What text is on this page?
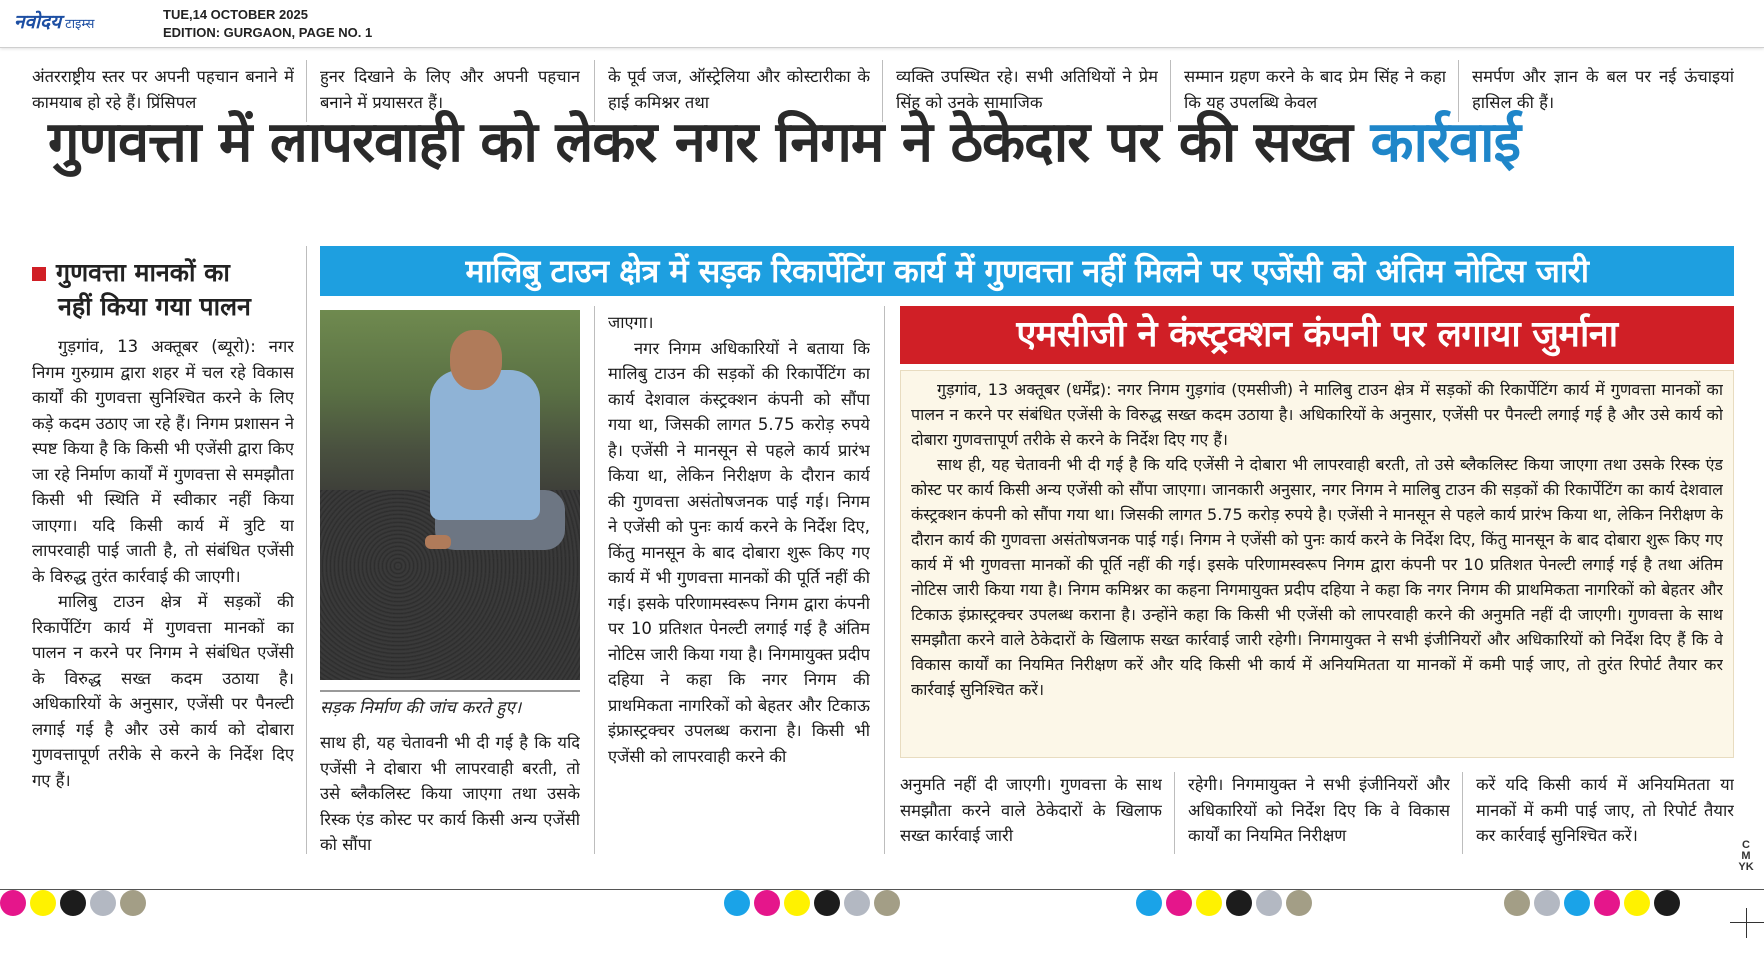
नवोदय टाइम्स
TUE,14 OCTOBER 2025
EDITION: GURGAON, PAGE NO. 1
अंतरराष्ट्रीय स्तर पर अपनी पहचान बनाने में कामयाब हो रहे हैं। प्रिंसिपल
हुनर दिखाने के लिए और अपनी पहचान बनाने में प्रयासरत हैं।
के पूर्व जज, ऑस्ट्रेलिया और कोस्टारीका के हाई कमिश्नर तथा
व्यक्ति उपस्थित रहे। सभी अतिथियों ने प्रेम सिंह को उनके सामाजिक
सम्मान ग्रहण करने के बाद प्रेम सिंह ने कहा कि यह उपलब्धि केवल
समर्पण और ज्ञान के बल पर नई ऊंचाइयां हासिल की हैं।
गुणवत्ता में लापरवाही को लेकर नगर निगम ने ठेकेदार पर की सख्त कार्रवाई
मालिबु टाउन क्षेत्र में सड़क रिकार्पेटिंग कार्य में गुणवत्ता नहीं मिलने पर एजेंसी को अंतिम नोटिस जारी
गुणवत्ता मानकों का
नहीं किया गया पालन

गुड़गांव, 13 अक्तूबर (ब्यूरो): नगर निगम गुरुग्राम द्वारा शहर में चल रहे विकास कार्यों की गुणवत्ता सुनिश्चित करने के लिए कड़े कदम उठाए जा रहे हैं। निगम प्रशासन ने स्पष्ट किया है कि किसी भी एजेंसी द्वारा किए जा रहे निर्माण कार्यों में गुणवत्ता से समझौता किसी भी स्थिति में स्वीकार नहीं किया जाएगा। यदि किसी कार्य में त्रुटि या लापरवाही पाई जाती है, तो संबंधित एजेंसी के विरुद्ध तुरंत कार्रवाई की जाएगी।

मालिबु टाउन क्षेत्र में सड़कों की रिकार्पेटिंग कार्य में गुणवत्ता मानकों का पालन न करने पर निगम ने संबंधित एजेंसी के विरुद्ध सख्त कदम उठाया है। अधिकारियों के अनुसार, एजेंसी पर पैनल्टी लगाई गई है और उसे कार्य को दोबारा गुणवत्तापूर्ण तरीके से करने के निर्देश दिए गए हैं।

सड़क निर्माण की जांच करते हुए।

साथ ही, यह चेतावनी भी दी गई है कि यदि एजेंसी ने दोबारा भी लापरवाही बरती, तो उसे ब्लैकलिस्ट किया जाएगा तथा उसके रिस्क एंड कोस्ट पर कार्य किसी अन्य एजेंसी को सौंपा

जाएगा।

नगर निगम अधिकारियों ने बताया कि मालिबु टाउन की सड़कों की रिकार्पेटिंग का कार्य देशवाल कंस्ट्रक्शन कंपनी को सौंपा गया था, जिसकी लागत 5.75 करोड़ रुपये है। एजेंसी ने मानसून से पहले कार्य प्रारंभ किया था, लेकिन निरीक्षण के दौरान कार्य की गुणवत्ता असंतोषजनक पाई गई। निगम ने एजेंसी को पुनः कार्य करने के निर्देश दिए, किंतु मानसून के बाद दोबारा शुरू किए गए कार्य में भी गुणवत्ता मानकों की पूर्ति नहीं की गई। इसके परिणामस्वरूप निगम द्वारा कंपनी पर 10 प्रतिशत पेनल्टी लगाई गई है अंतिम नोटिस जारी किया गया है। निगमायुक्त प्रदीप दहिया ने कहा कि नगर निगम की प्राथमिकता नागरिकों को बेहतर और टिकाऊ इंफ्रास्ट्रक्चर उपलब्ध कराना है। किसी भी एजेंसी को लापरवाही करने की

एमसीजी ने कंस्ट्रक्शन कंपनी पर लगाया जुर्माना

गुड़गांव, 13 अक्तूबर (धर्मेंद्र): नगर निगम गुड़गांव (एमसीजी) ने मालिबु टाउन क्षेत्र में सड़कों की रिकार्पेटिंग कार्य में गुणवत्ता मानकों का पालन न करने पर संबंधित एजेंसी के विरुद्ध सख्त कदम उठाया है। अधिकारियों के अनुसार, एजेंसी पर पैनल्टी लगाई गई है और उसे कार्य को दोबारा गुणवत्तापूर्ण तरीके से करने के निर्देश दिए गए हैं।

साथ ही, यह चेतावनी भी दी गई है कि यदि एजेंसी ने दोबारा भी लापरवाही बरती, तो उसे ब्लैकलिस्ट किया जाएगा तथा उसके रिस्क एंड कोस्ट पर कार्य किसी अन्य एजेंसी को सौंपा जाएगा। जानकारी अनुसार, नगर निगम ने मालिबु टाउन की सड़कों की रिकार्पेटिंग का कार्य देशवाल कंस्ट्रक्शन कंपनी को सौंपा गया था। जिसकी लागत 5.75 करोड़ रुपये है। एजेंसी ने मानसून से पहले कार्य प्रारंभ किया था, लेकिन निरीक्षण के दौरान कार्य की गुणवत्ता असंतोषजनक पाई गई। निगम ने एजेंसी को पुनः कार्य करने के निर्देश दिए, किंतु मानसून के बाद दोबारा शुरू किए गए कार्य में भी गुणवत्ता मानकों की पूर्ति नहीं की गई। इसके परिणामस्वरूप निगम द्वारा कंपनी पर 10 प्रतिशत पेनल्टी लगाई गई है तथा अंतिम नोटिस जारी किया गया है। निगम कमिश्नर का कहना निगमायुक्त प्रदीप दहिया ने कहा कि नगर निगम की प्राथमिकता नागरिकों को बेहतर और टिकाऊ इंफ्रास्ट्रक्चर उपलब्ध कराना है। उन्होंने कहा कि किसी भी एजेंसी को लापरवाही करने की अनुमति नहीं दी जाएगी। गुणवत्ता के साथ समझौता करने वाले ठेकेदारों के खिलाफ सख्त कार्रवाई जारी रहेगी। निगमायुक्त ने सभी इंजीनियरों और अधिकारियों को निर्देश दिए हैं कि वे विकास कार्यों का नियमित निरीक्षण करें और यदि किसी भी कार्य में अनियमितता या मानकों में कमी पाई जाए, तो तुरंत रिपोर्ट तैयार कर कार्रवाई सुनिश्चित करें।

अनुमति नहीं दी जाएगी। गुणवत्ता के साथ समझौता करने वाले ठेकेदारों के खिलाफ सख्त कार्रवाई जारी
रहेगी। निगमायुक्त ने सभी इंजीनियरों और अधिकारियों को निर्देश दिए कि वे विकास कार्यों का नियमित निरीक्षण
करें यदि किसी कार्य में अनियमितता या मानकों में कमी पाई जाए, तो रिपोर्ट तैयार कर कार्रवाई सुनिश्चित करें।	CMYK
